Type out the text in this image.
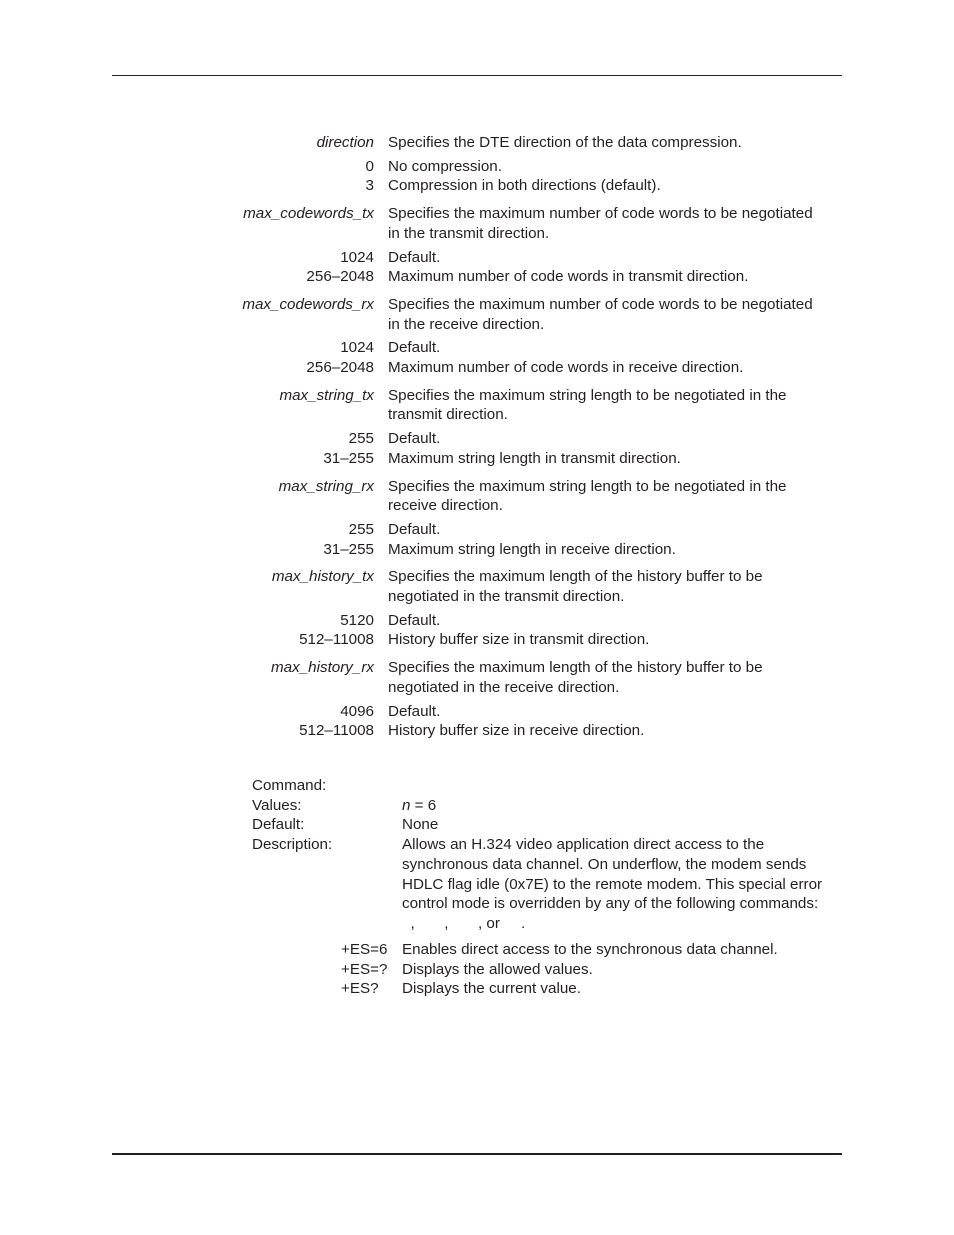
direction Specifies the DTE direction of the data compression.
0 No compression.
3 Compression in both directions (default).
max_codewords_tx Specifies the maximum number of code words to be negotiated in the transmit direction.
1024 Default.
256–2048 Maximum number of code words in transmit direction.
max_codewords_rx Specifies the maximum number of code words to be negotiated in the receive direction.
1024 Default.
256–2048 Maximum number of code words in receive direction.
max_string_tx Specifies the maximum string length to be negotiated in the transmit direction.
255 Default.
31–255 Maximum string length in transmit direction.
max_string_rx Specifies the maximum string length to be negotiated in the receive direction.
255 Default.
31–255 Maximum string length in receive direction.
max_history_tx Specifies the maximum length of the history buffer to be negotiated in the transmit direction.
5120 Default.
512–11008 History buffer size in transmit direction.
max_history_rx Specifies the maximum length of the history buffer to be negotiated in the receive direction.
4096 Default.
512–11008 History buffer size in receive direction.
Command:
Values:	n = 6
Default:	None
Description:	Allows an H.324 video application direct access to the synchronous data channel. On underflow, the modem sends HDLC flag idle (0x7E) to the remote modem. This special error control mode is overridden by any of the following commands:
,       ,       , or     .
+ES=6 Enables direct access to the synchronous data channel.
+ES=? Displays the allowed values.
+ES?	Displays the current value.
